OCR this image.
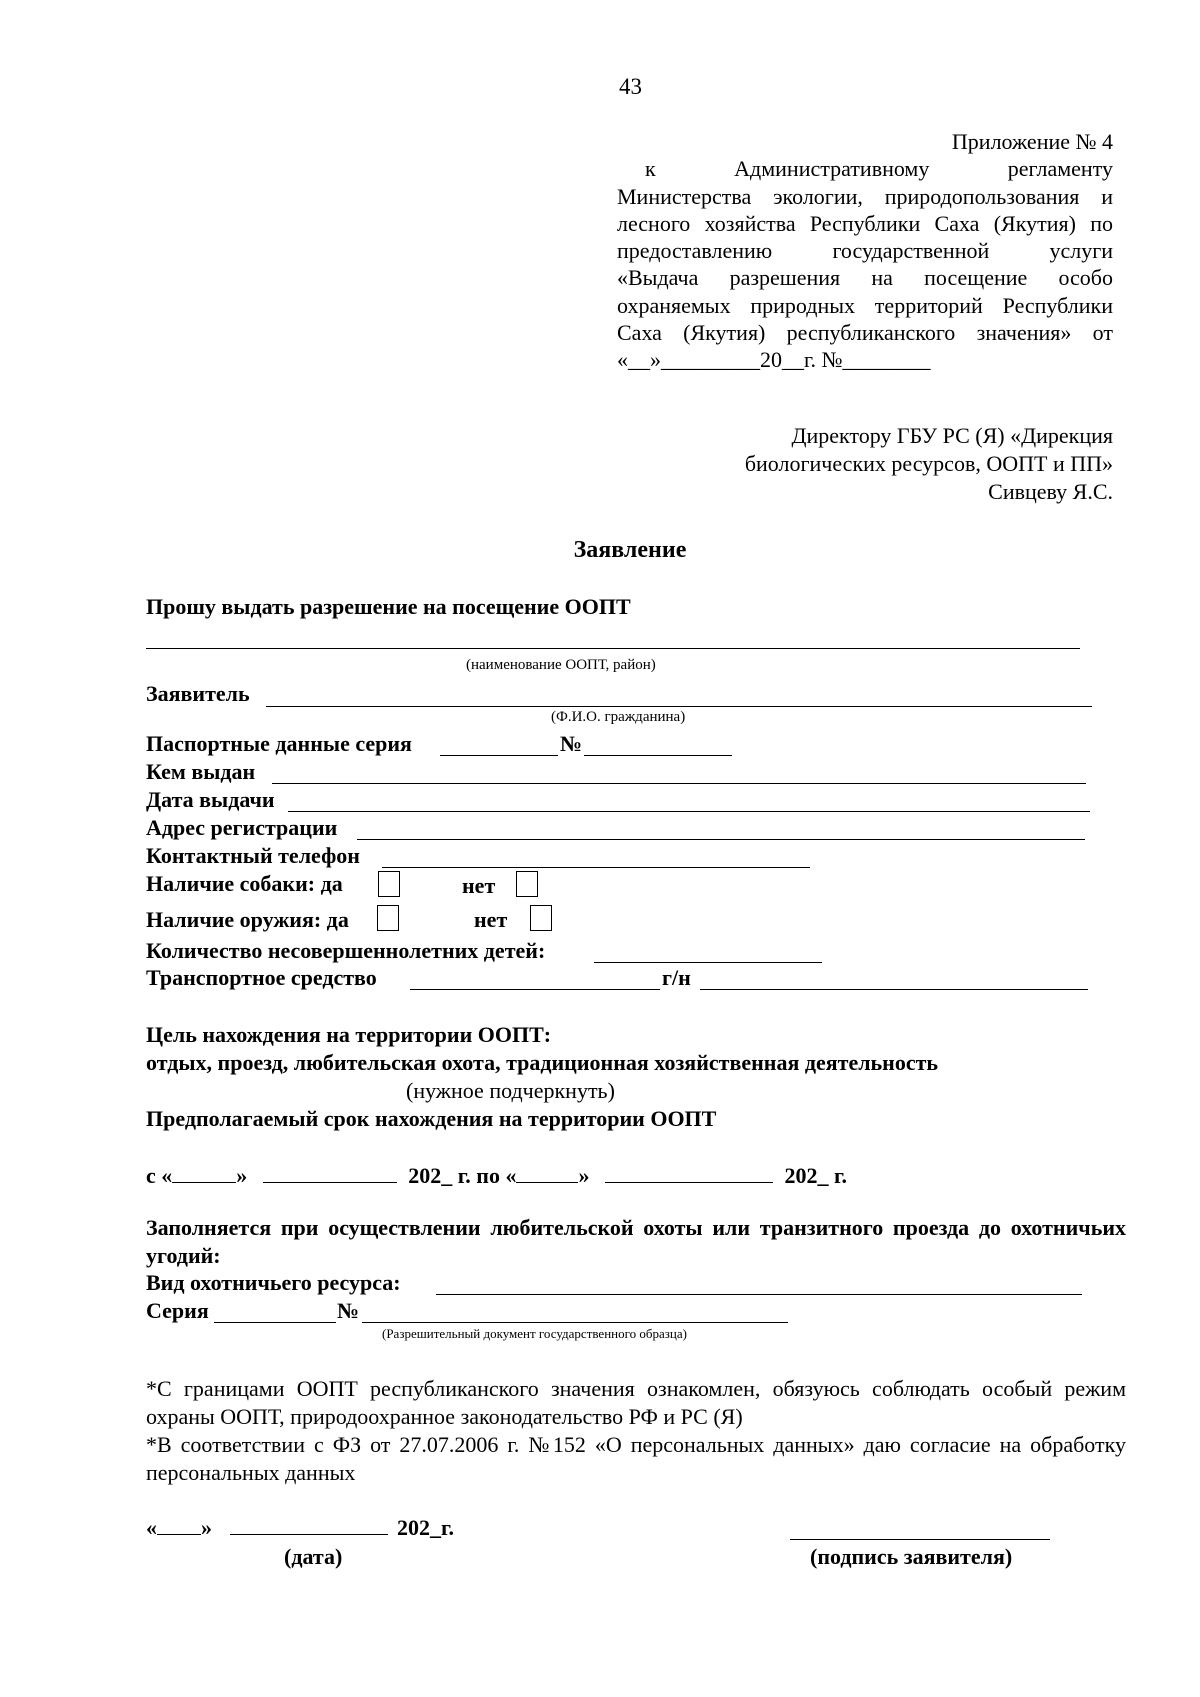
43
Приложение № 4
к	Административному	регламенту
Министерства экологии, природопользования и
лесного хозяйства Республики Саха (Якутия) по
предоставлению государственной услуги
«Выдача разрешения на посещение особо
охраняемых природных территорий Республики
Саха (Якутия) республиканского значения» от
«__»_________20__г. №________
Директору ГБУ РС (Я) «Дирекция
биологических ресурсов, ООПТ и ПП»
Сивцеву Я.С.
Заявление
Прошу выдать разрешение на посещение ООПТ
(наименование ООПТ, район)
Заявитель
(Ф.И.О. гражданина)
Паспортные данные серия	№
Кем выдан
Дата выдачи
Адрес регистрации
Контактный телефон
Наличие собаки: да	нет
Наличие оружия: да	нет
Количество несовершеннолетних детей:
Транспортное средство	г/н
Цель нахождения на территории ООПТ:
отдых, проезд, любительская охота, традиционная хозяйственная деятельность
(нужное подчеркнуть)
Предполагаемый срок нахождения на территории ООПТ
с «	»	202_ г. по «	»	202_ г.
Заполняется при осуществлении любительской охоты или транзитного проезда до охотничьих угодий:
Вид охотничьего ресурса:
Серия	№
(Разрешительный документ государственного образца)
*С границами ООПТ республиканского значения ознакомлен, обязуюсь соблюдать особый режим охраны ООПТ, природоохранное законодательство РФ и РС (Я)
*В соответствии с ФЗ от 27.07.2006 г. №152 «О персональных данных» даю согласие на обработку персональных данных
« »	202_г.
(дата)	(подпись заявителя)
